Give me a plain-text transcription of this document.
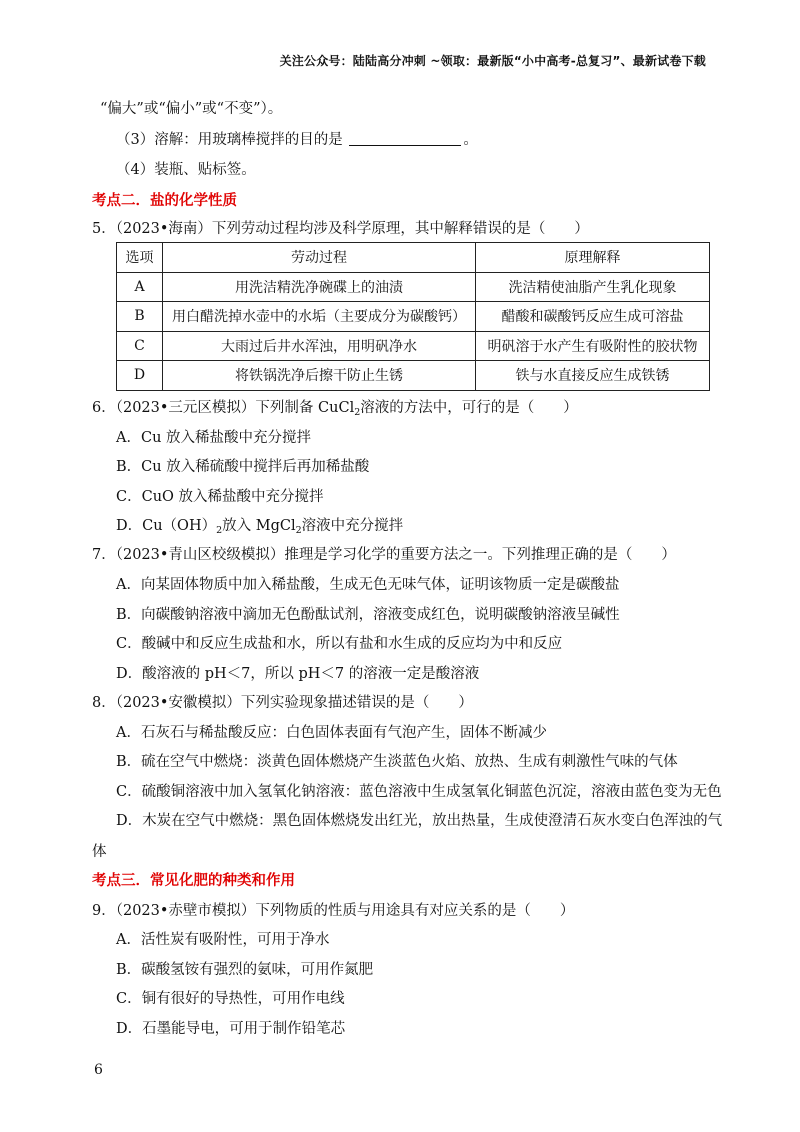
关注公众号：陆陆高分冲刺 ~领取：最新版“小中高考-总复习”、最新试卷下载
“偏大”或“偏小”或“不变”）。
（3）溶解：用玻璃棒搅拌的目的是	。
（4）装瓶、贴标签。
考点二．盐的化学性质
5．（2023•海南）下列劳动过程均涉及科学原理，其中解释错误的是（　　）
选项	劳动过程	原理解释
A	用洗洁精洗净碗碟上的油渍	洗洁精使油脂产生乳化现象
B	用白醋洗掉水壶中的水垢（主要成分为碳酸钙）	醋酸和碳酸钙反应生成可溶盐
C	大雨过后井水浑浊，用明矾净水	明矾溶于水产生有吸附性的胶状物
D	将铁锅洗净后擦干防止生锈	铁与水直接反应生成铁锈
6．（2023•三元区模拟）下列制备 CuCl$_2$溶液的方法中，可行的是（　　）
A．Cu 放入稀盐酸中充分搅拌
B．Cu 放入稀硫酸中搅拌后再加稀盐酸
C．CuO 放入稀盐酸中充分搅拌
D．$Cu(OH)_2$放入 MgCl$_2$溶液中充分搅拌
7．（2023•青山区校级模拟）推理是学习化学的重要方法之一。下列推理正确的是（　　）
A．向某固体物质中加入稀盐酸，生成无色无味气体，证明该物质一定是碳酸盐
B．向碳酸钠溶液中滴加无色酚酞试剂，溶液变成红色，说明碳酸钠溶液呈碱性
C．酸碱中和反应生成盐和水，所以有盐和水生成的反应均为中和反应
D．酸溶液的 pH＜7，所以 pH＜7 的溶液一定是酸溶液
8．（2023•安徽模拟）下列实验现象描述错误的是（　　）
A．石灰石与稀盐酸反应：白色固体表面有气泡产生，固体不断减少
B．硫在空气中燃烧：淡黄色固体燃烧产生淡蓝色火焰、放热、生成有刺激性气味的气体
C．硫酸铜溶液中加入氢氧化钠溶液：蓝色溶液中生成氢氧化铜蓝色沉淀，溶液由蓝色变为无色
D．木炭在空气中燃烧：黑色固体燃烧发出红光，放出热量，生成使澄清石灰水变白色浑浊的气
体
考点三．常见化肥的种类和作用
9．（2023•赤壁市模拟）下列物质的性质与用途具有对应关系的是（　　）
A．活性炭有吸附性，可用于净水
B．碳酸氢铵有强烈的氨味，可用作氮肥
C．铜有很好的导热性，可用作电线
D．石墨能导电，可用于制作铅笔芯
6
